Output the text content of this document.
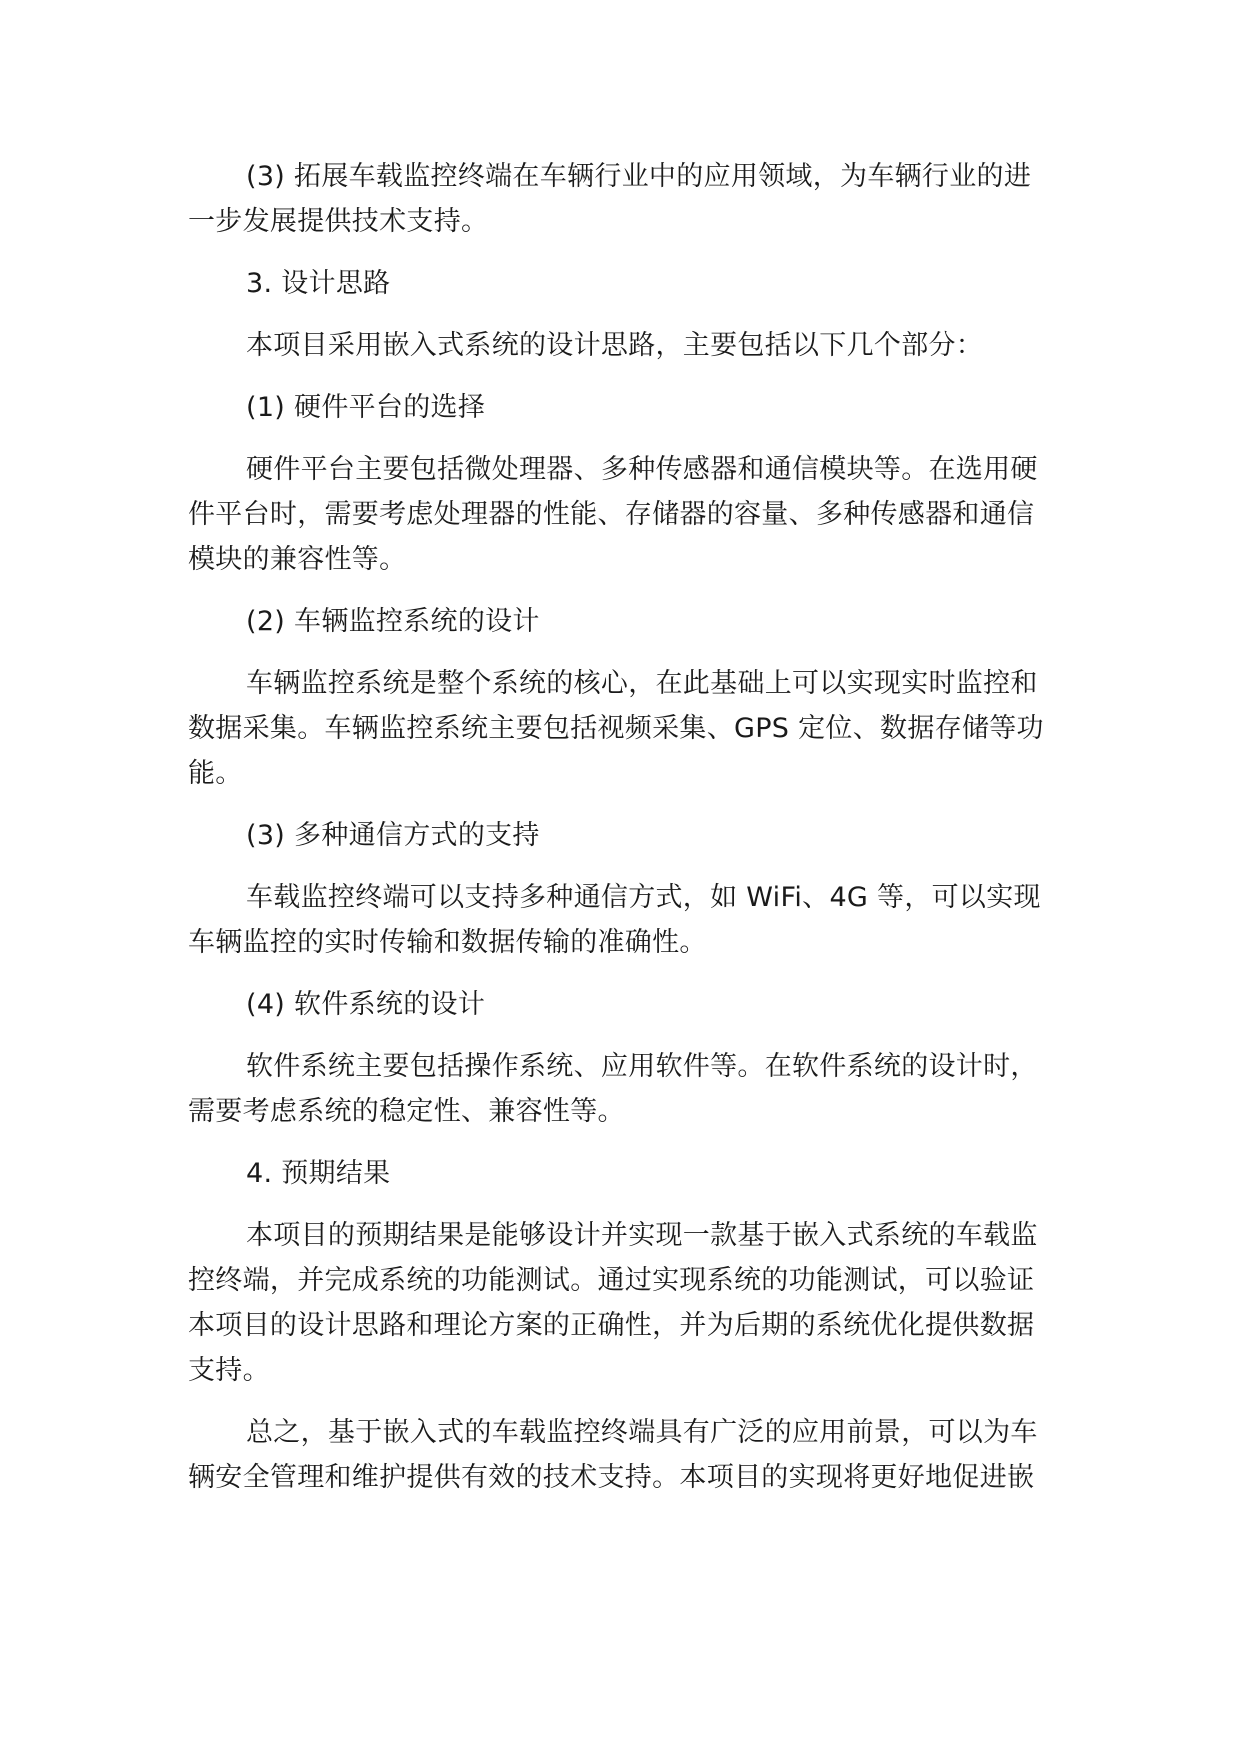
(3) 拓展车载监控终端在车辆行业中的应用领域，为车辆行业的进一步发展提供技术支持。

3. 设计思路

本项目采用嵌入式系统的设计思路，主要包括以下几个部分：

(1) 硬件平台的选择

硬件平台主要包括微处理器、多种传感器和通信模块等。在选用硬件平台时，需要考虑处理器的性能、存储器的容量、多种传感器和通信模块的兼容性等。

(2) 车辆监控系统的设计

车辆监控系统是整个系统的核心，在此基础上可以实现实时监控和数据采集。车辆监控系统主要包括视频采集、GPS 定位、数据存储等功能。

(3) 多种通信方式的支持

车载监控终端可以支持多种通信方式，如 WiFi、4G 等，可以实现车辆监控的实时传输和数据传输的准确性。

(4) 软件系统的设计

软件系统主要包括操作系统、应用软件等。在软件系统的设计时，需要考虑系统的稳定性、兼容性等。

4. 预期结果

本项目的预期结果是能够设计并实现一款基于嵌入式系统的车载监控终端，并完成系统的功能测试。通过实现系统的功能测试，可以验证本项目的设计思路和理论方案的正确性，并为后期的系统优化提供数据支持。

总之，基于嵌入式的车载监控终端具有广泛的应用前景，可以为车辆安全管理和维护提供有效的技术支持。本项目的实现将更好地促进嵌
